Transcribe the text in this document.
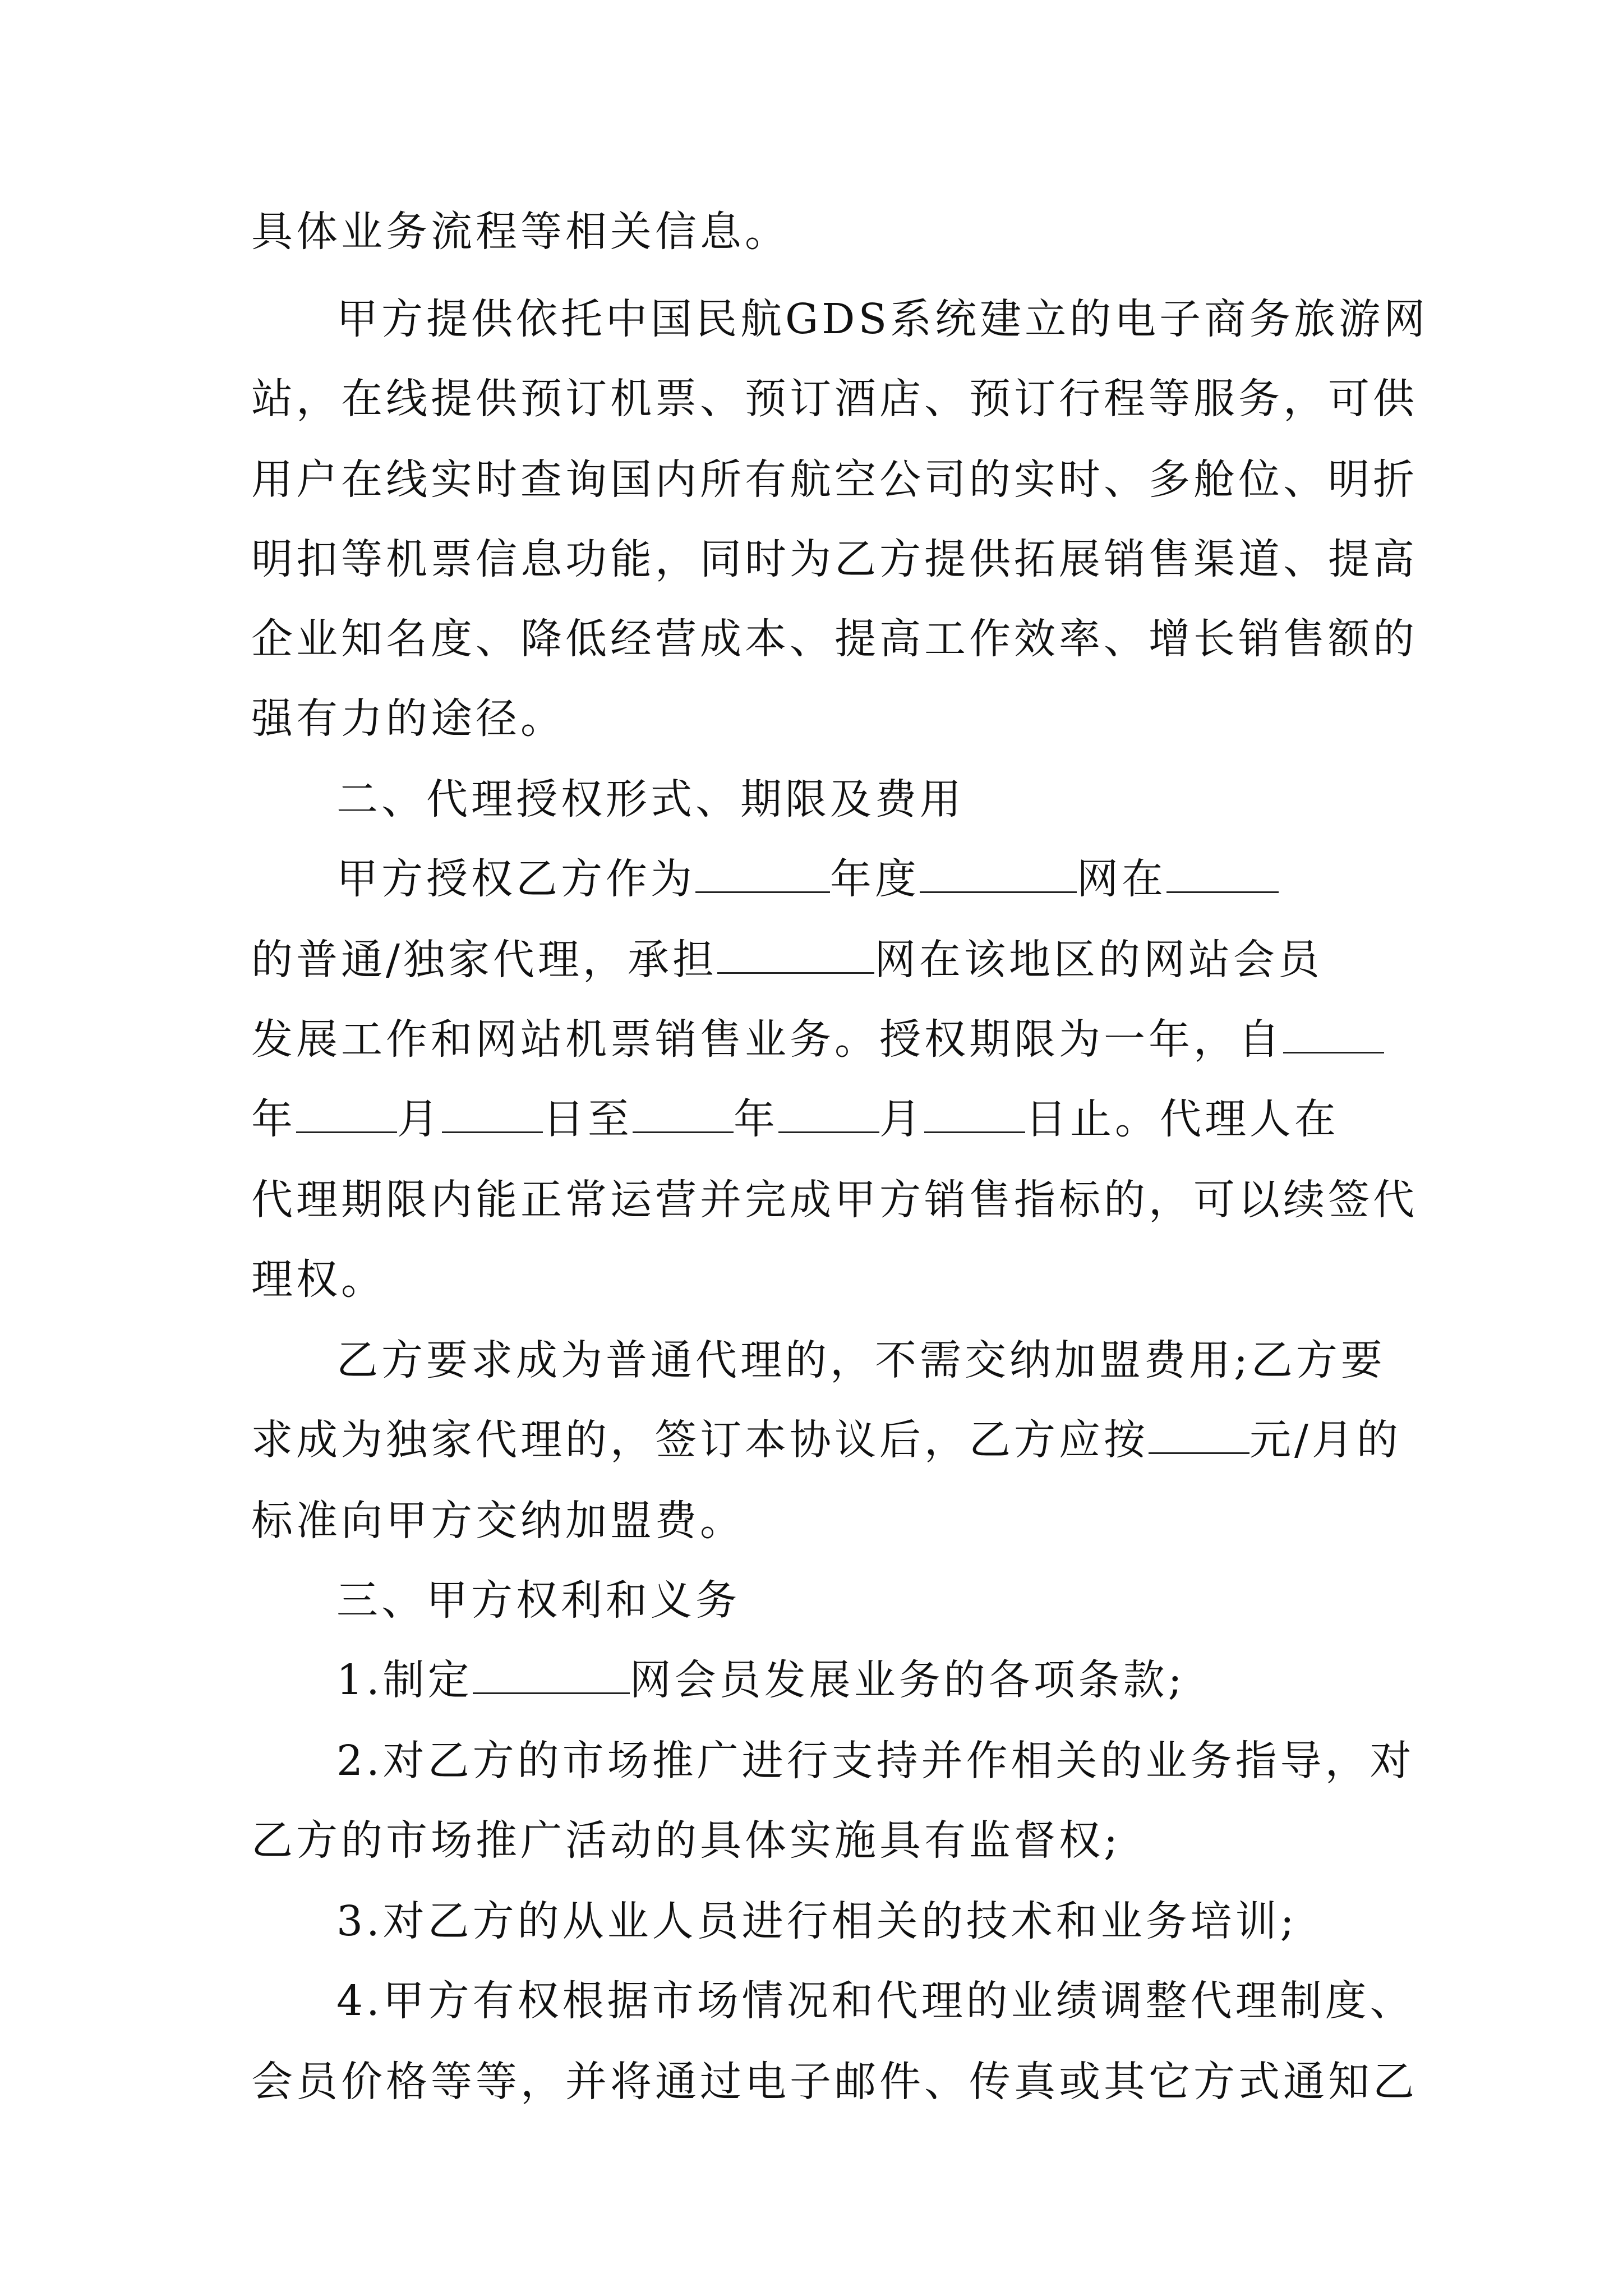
具体业务流程等相关信息。
甲方提供依托中国民航GDS系统建立的电子商务旅游网
站，在线提供预订机票、预订酒店、预订行程等服务，可供
用户在线实时查询国内所有航空公司的实时、多舱位、明折
明扣等机票信息功能，同时为乙方提供拓展销售渠道、提高
企业知名度、降低经营成本、提高工作效率、增长销售额的
强有力的途径。
二、代理授权形式、期限及费用
甲方授权乙方作为	年度	网在
的普通/独家代理，承担	网在该地区的网站会员
发展工作和网站机票销售业务。授权期限为一年，自
年 月 日至 年 月 日止。代理人在
代理期限内能正常运营并完成甲方销售指标的，可以续签代
理权。
乙方要求成为普通代理的，不需交纳加盟费用;乙方要
求成为独家代理的，签订本协议后，乙方应按 元/月的
标准向甲方交纳加盟费。
三、甲方权利和义务
1.制定	网会员发展业务的各项条款;
2.对乙方的市场推广进行支持并作相关的业务指导，对
乙方的市场推广活动的具体实施具有监督权;
3.对乙方的从业人员进行相关的技术和业务培训;
4.甲方有权根据市场情况和代理的业绩调整代理制度、
会员价格等等，并将通过电子邮件、传真或其它方式通知乙
